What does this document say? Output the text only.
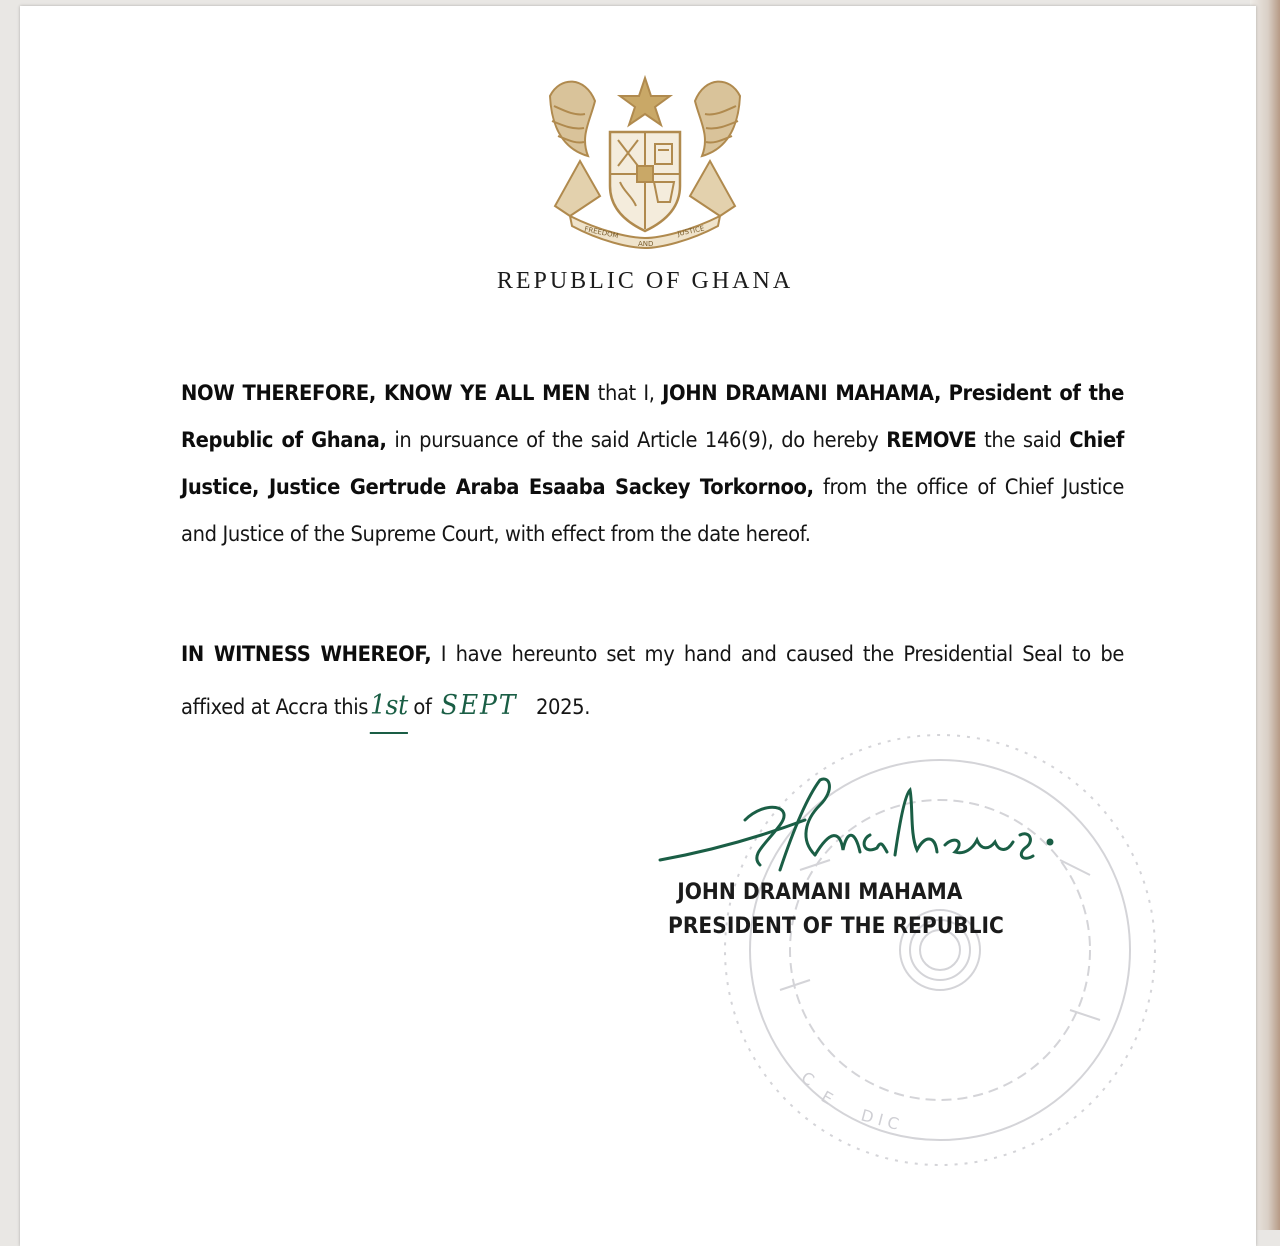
FREEDOM
AND
JUSTICE
REPUBLIC OF GHANA
NOW THEREFORE, KNOW YE ALL MEN that I, JOHN DRAMANI MAHAMA, President of the Republic of Ghana, in pursuance of the said Article 146(9), do hereby REMOVE the said Chief Justice, Justice Gertrude Araba Esaaba Sackey Torkornoo, from the office of Chief Justice and Justice of the Supreme Court, with effect from the date hereof.
IN WITNESS WHEREOF, I have hereunto set my hand and caused the Presidential Seal to be affixed at Accra this1st of SEPT 2025.
C
E
D I C
JOHN DRAMANI MAHAMA
PRESIDENT OF THE REPUBLIC
